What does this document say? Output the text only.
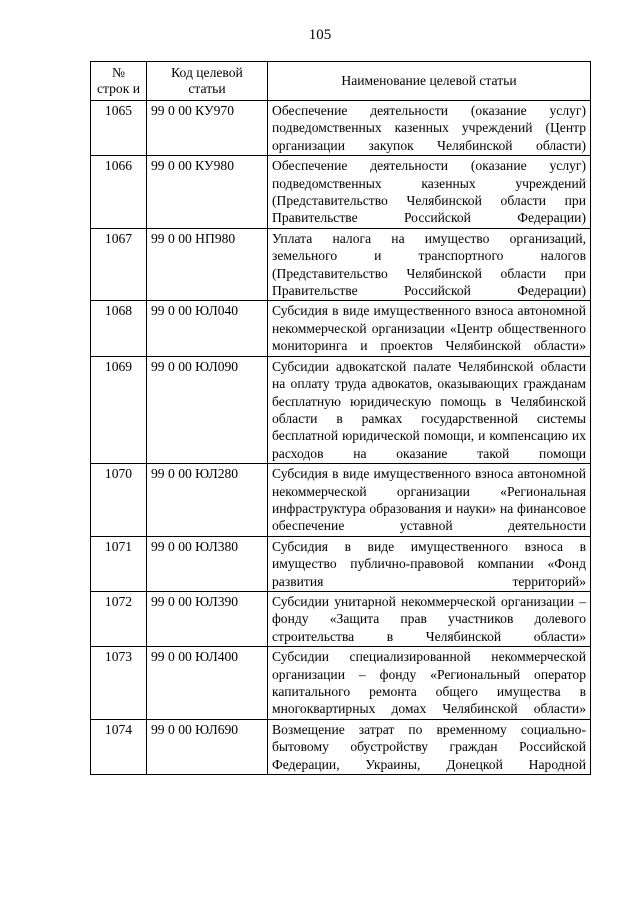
105
№ строк и	Код целевой статьи	Наименование целевой статьи
1065	99 0 00 КУ970	Обеспечение деятельности (оказание услуг) подведомственных казенных учреждений (Центр организации закупок Челябинской области)
1066	99 0 00 КУ980	Обеспечение деятельности (оказание услуг) подведомственных казенных учреждений (Представительство Челябинской области при Правительстве Российской Федерации)
1067	99 0 00 НП980	Уплата налога на имущество организаций, земельного и транспортного налогов (Представительство Челябинской области при Правительстве Российской Федерации)
1068	99 0 00 ЮЛ040	Субсидия в виде имущественного взноса автономной некоммерческой организации «Центр общественного мониторинга и проектов Челябинской области»
1069	99 0 00 ЮЛ090	Субсидии адвокатской палате Челябинской области на оплату труда адвокатов, оказывающих гражданам бесплатную юридическую помощь в Челябинской области в рамках государственной системы бесплатной юридической помощи, и компенсацию их расходов на оказание такой помощи
1070	99 0 00 ЮЛ280	Субсидия в виде имущественного взноса автономной некоммерческой организации «Региональная инфраструктура образования и науки» на финансовое обеспечение уставной деятельности
1071	99 0 00 ЮЛ380	Субсидия в виде имущественного взноса в имущество публично-правовой компании «Фонд развития территорий»
1072	99 0 00 ЮЛ390	Субсидии унитарной некоммерческой организации – фонду «Защита прав участников долевого строительства в Челябинской области»
1073	99 0 00 ЮЛ400	Субсидии специализированной некоммерческой организации – фонду «Региональный оператор капитального ремонта общего имущества в многоквартирных домах Челябинской области»
1074	99 0 00 ЮЛ690	Возмещение затрат по временному социально-бытовому обустройству граждан Российской Федерации, Украины, Донецкой Народной
